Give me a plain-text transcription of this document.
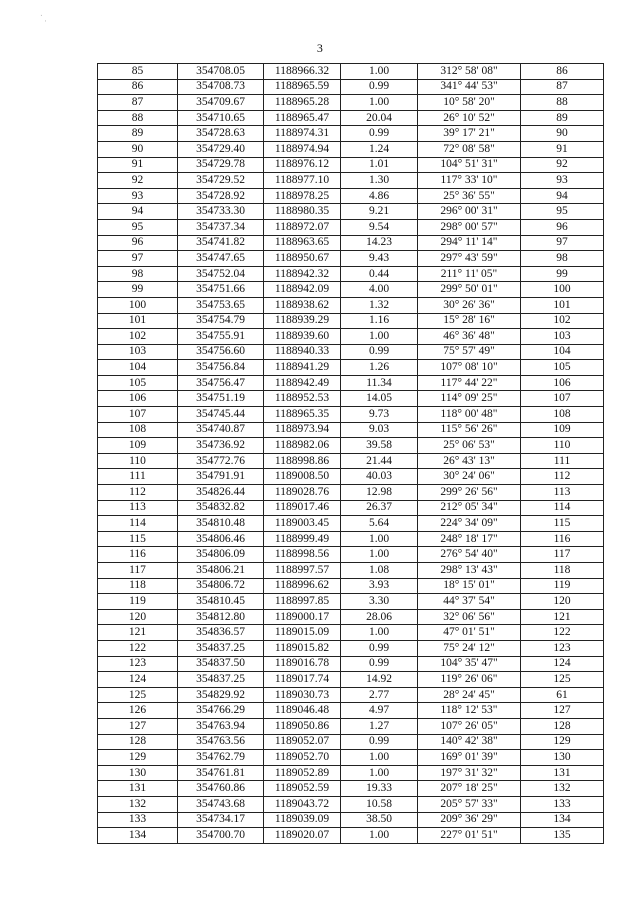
ˈ ˌ
3
85	354708.05	1188966.32	1.00	312° 58' 08"	86
86	354708.73	1188965.59	0.99	341° 44' 53"	87
87	354709.67	1188965.28	1.00	10° 58' 20"	88
88	354710.65	1188965.47	20.04	26° 10' 52"	89
89	354728.63	1188974.31	0.99	39° 17' 21"	90
90	354729.40	1188974.94	1.24	72° 08' 58"	91
91	354729.78	1188976.12	1.01	104° 51' 31"	92
92	354729.52	1188977.10	1.30	117° 33' 10"	93
93	354728.92	1188978.25	4.86	25° 36' 55"	94
94	354733.30	1188980.35	9.21	296° 00' 31"	95
95	354737.34	1188972.07	9.54	298° 00' 57"	96
96	354741.82	1188963.65	14.23	294° 11' 14"	97
97	354747.65	1188950.67	9.43	297° 43' 59"	98
98	354752.04	1188942.32	0.44	211° 11' 05"	99
99	354751.66	1188942.09	4.00	299° 50' 01"	100
100	354753.65	1188938.62	1.32	30° 26' 36"	101
101	354754.79	1188939.29	1.16	15° 28' 16"	102
102	354755.91	1188939.60	1.00	46° 36' 48"	103
103	354756.60	1188940.33	0.99	75° 57' 49"	104
104	354756.84	1188941.29	1.26	107° 08' 10"	105
105	354756.47	1188942.49	11.34	117° 44' 22"	106
106	354751.19	1188952.53	14.05	114° 09' 25"	107
107	354745.44	1188965.35	9.73	118° 00' 48"	108
108	354740.87	1188973.94	9.03	115° 56' 26"	109
109	354736.92	1188982.06	39.58	25° 06' 53"	110
110	354772.76	1188998.86	21.44	26° 43' 13"	111
111	354791.91	1189008.50	40.03	30° 24' 06"	112
112	354826.44	1189028.76	12.98	299° 26' 56"	113
113	354832.82	1189017.46	26.37	212° 05' 34"	114
114	354810.48	1189003.45	5.64	224° 34' 09"	115
115	354806.46	1188999.49	1.00	248° 18' 17"	116
116	354806.09	1188998.56	1.00	276° 54' 40"	117
117	354806.21	1188997.57	1.08	298° 13' 43"	118
118	354806.72	1188996.62	3.93	18° 15' 01"	119
119	354810.45	1188997.85	3.30	44° 37' 54"	120
120	354812.80	1189000.17	28.06	32° 06' 56"	121
121	354836.57	1189015.09	1.00	47° 01' 51"	122
122	354837.25	1189015.82	0.99	75° 24' 12"	123
123	354837.50	1189016.78	0.99	104° 35' 47"	124
124	354837.25	1189017.74	14.92	119° 26' 06"	125
125	354829.92	1189030.73	2.77	28° 24' 45"	61
126	354766.29	1189046.48	4.97	118° 12' 53"	127
127	354763.94	1189050.86	1.27	107° 26' 05"	128
128	354763.56	1189052.07	0.99	140° 42' 38"	129
129	354762.79	1189052.70	1.00	169° 01' 39"	130
130	354761.81	1189052.89	1.00	197° 31' 32"	131
131	354760.86	1189052.59	19.33	207° 18' 25"	132
132	354743.68	1189043.72	10.58	205° 57' 33"	133
133	354734.17	1189039.09	38.50	209° 36' 29"	134
134	354700.70	1189020.07	1.00	227° 01' 51"	135
